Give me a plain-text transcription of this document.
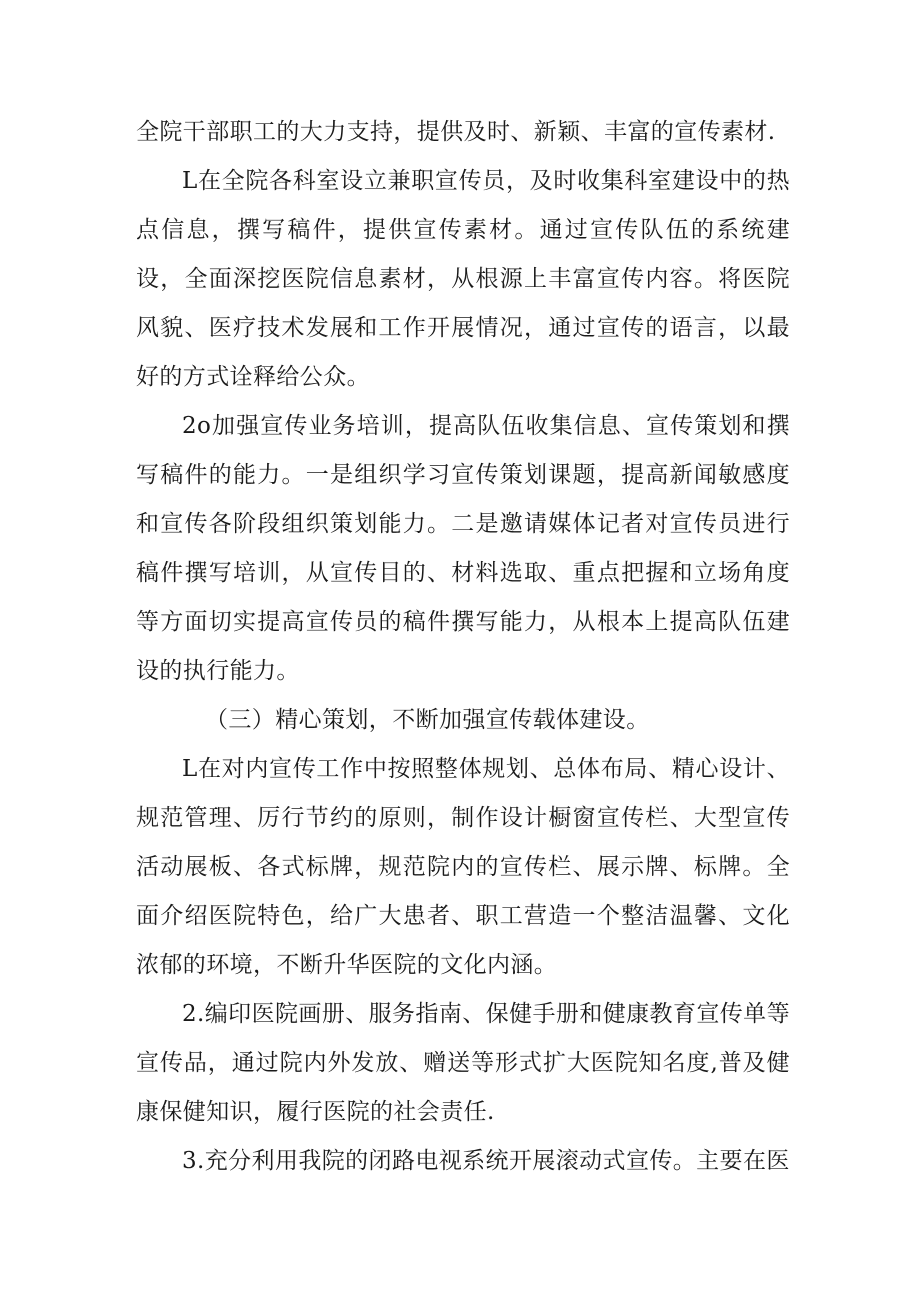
全院干部职工的大力支持，提供及时、新颖、丰富的宣传素材.

L在全院各科室设立兼职宣传员，及时收集科室建设中的热点信息，撰写稿件，提供宣传素材。通过宣传队伍的系统建设，全面深挖医院信息素材，从根源上丰富宣传内容。将医院风貌、医疗技术发展和工作开展情况，通过宣传的语言，以最好的方式诠释给公众。

2o加强宣传业务培训，提高队伍收集信息、宣传策划和撰写稿件的能力。一是组织学习宣传策划课题，提高新闻敏感度和宣传各阶段组织策划能力。二是邀请媒体记者对宣传员进行稿件撰写培训，从宣传目的、材料选取、重点把握和立场角度等方面切实提高宣传员的稿件撰写能力，从根本上提高队伍建设的执行能力。

（三）精心策划，不断加强宣传载体建设。

L在对内宣传工作中按照整体规划、总体布局、精心设计、规范管理、厉行节约的原则，制作设计橱窗宣传栏、大型宣传活动展板、各式标牌，规范院内的宣传栏、展示牌、标牌。全面介绍医院特色，给广大患者、职工营造一个整洁温馨、文化浓郁的环境，不断升华医院的文化内涵。

2.编印医院画册、服务指南、保健手册和健康教育宣传单等宣传品，通过院内外发放、赠送等形式扩大医院知名度,普及健康保健知识，履行医院的社会责任.

3.充分利用我院的闭路电视系统开展滚动式宣传。主要在医
